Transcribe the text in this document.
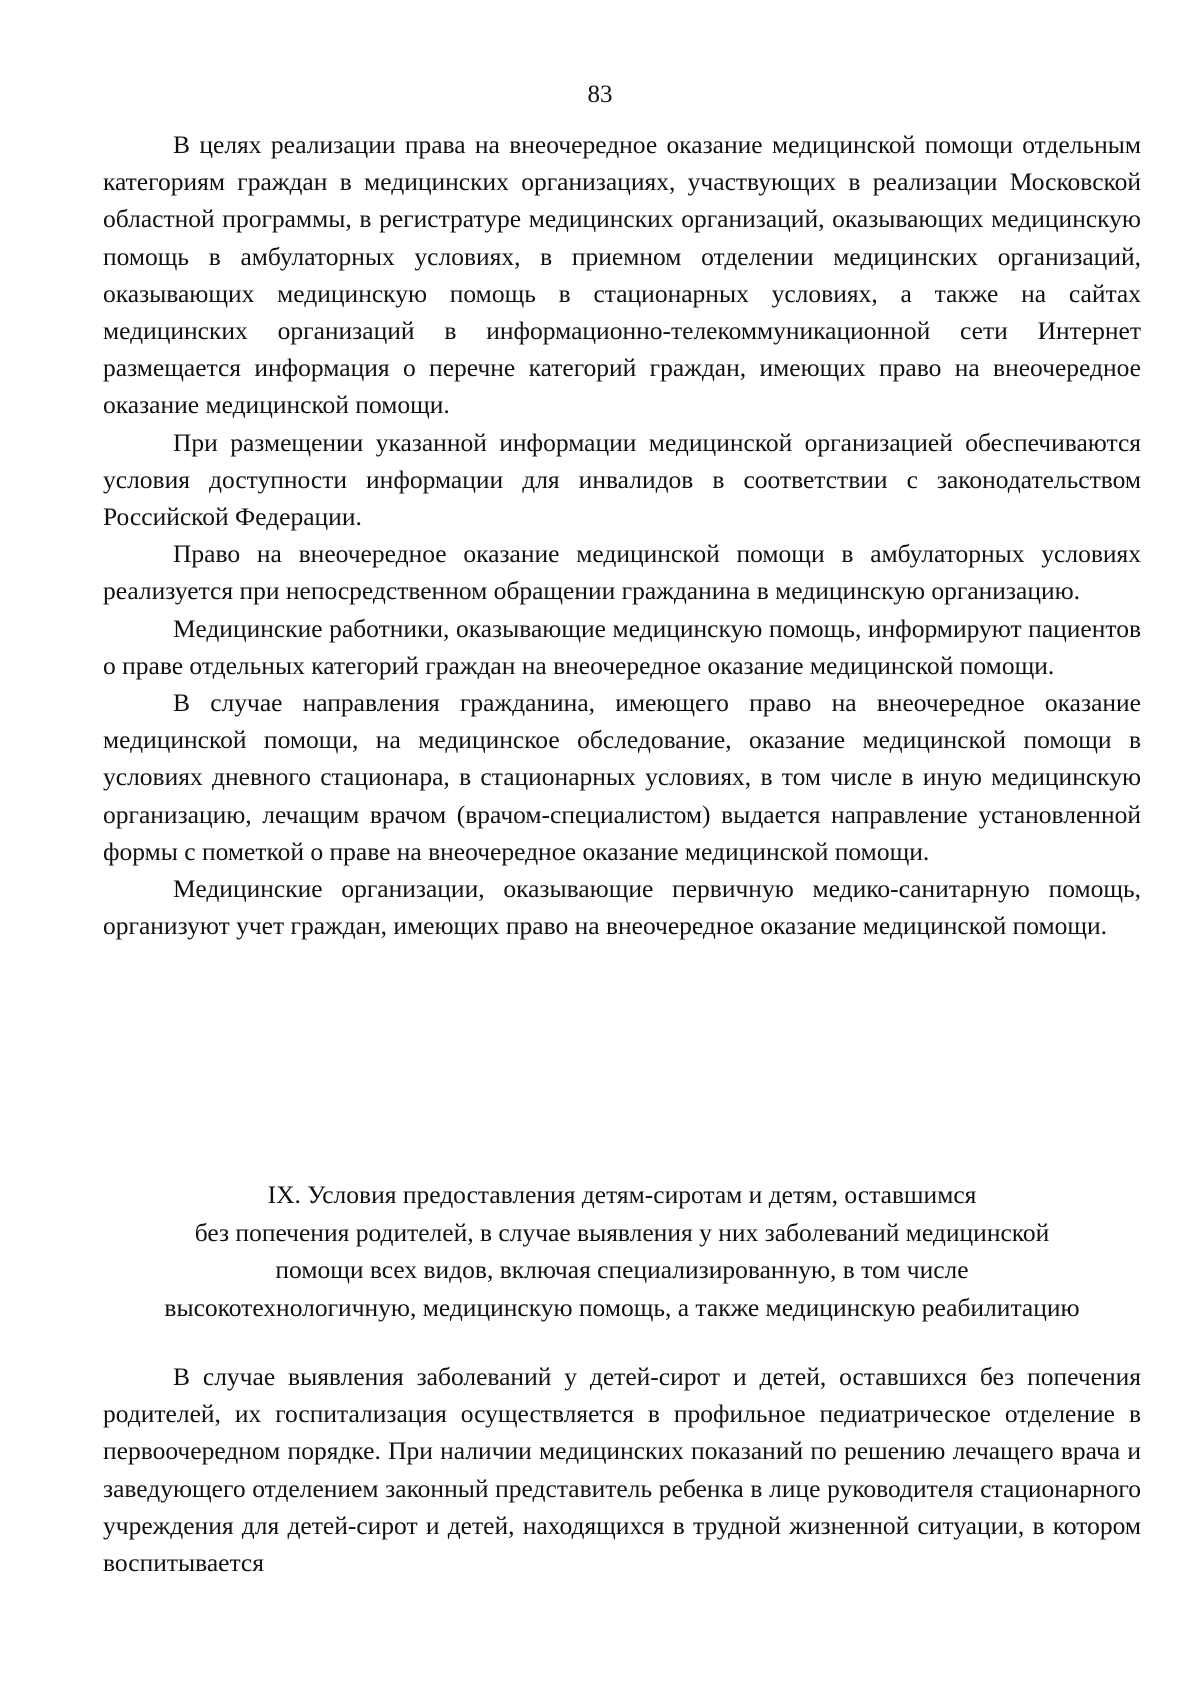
83

В целях реализации права на внеочередное оказание медицинской помощи отдельным категориям граждан в медицинских организациях, участвующих в реализации Московской областной программы, в регистратуре медицинских организаций, оказывающих медицинскую помощь в амбулаторных условиях, в приемном отделении медицинских организаций, оказывающих медицинскую помощь в стационарных условиях, а также на сайтах медицинских организаций в информационно-телекоммуникационной сети Интернет размещается информация о перечне категорий граждан, имеющих право на внеочередное оказание медицинской помощи.

При размещении указанной информации медицинской организацией обеспечиваются условия доступности информации для инвалидов в соответствии с законодательством Российской Федерации.

Право на внеочередное оказание медицинской помощи в амбулаторных условиях реализуется при непосредственном обращении гражданина в медицинскую организацию.

Медицинские работники, оказывающие медицинскую помощь, информируют пациентов о праве отдельных категорий граждан на внеочередное оказание медицинской помощи.

В случае направления гражданина, имеющего право на внеочередное оказание медицинской помощи, на медицинское обследование, оказание медицинской помощи в условиях дневного стационара, в стационарных условиях, в том числе в иную медицинскую организацию, лечащим врачом (врачом-специалистом) выдается направление установленной формы с пометкой о праве на внеочередное оказание медицинской помощи.

Медицинские организации, оказывающие первичную медико-санитарную помощь, организуют учет граждан, имеющих право на внеочередное оказание медицинской помощи.

IX. Условия предоставления детям-сиротам и детям, оставшимся
без попечения родителей, в случае выявления у них заболеваний медицинской
помощи всех видов, включая специализированную, в том числе
высокотехнологичную, медицинскую помощь, а также медицинскую реабилитацию

В случае выявления заболеваний у детей-сирот и детей, оставшихся без попечения родителей, их госпитализация осуществляется в профильное педиатрическое отделение в первоочередном порядке. При наличии медицинских показаний по решению лечащего врача и заведующего отделением законный представитель ребенка в лице руководителя стационарного учреждения для детей-сирот и детей, находящихся в трудной жизненной ситуации, в котором воспитывается
